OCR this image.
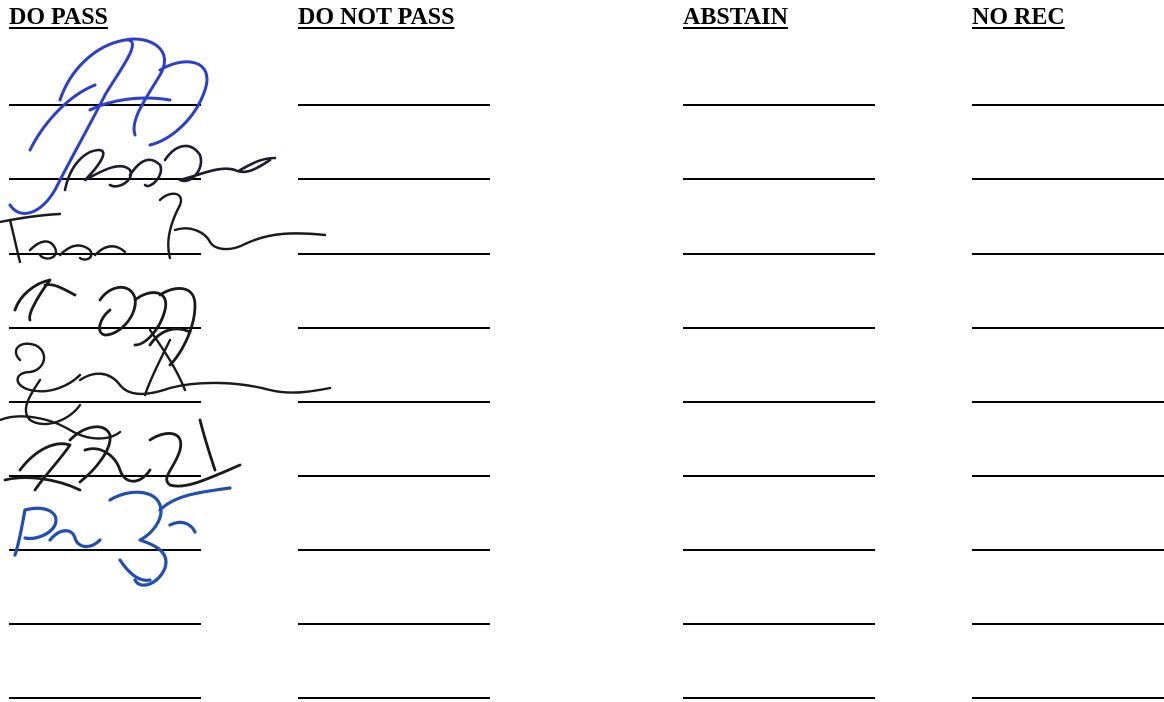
DO PASS	DO NOT PASS	ABSTAIN	NO REC
